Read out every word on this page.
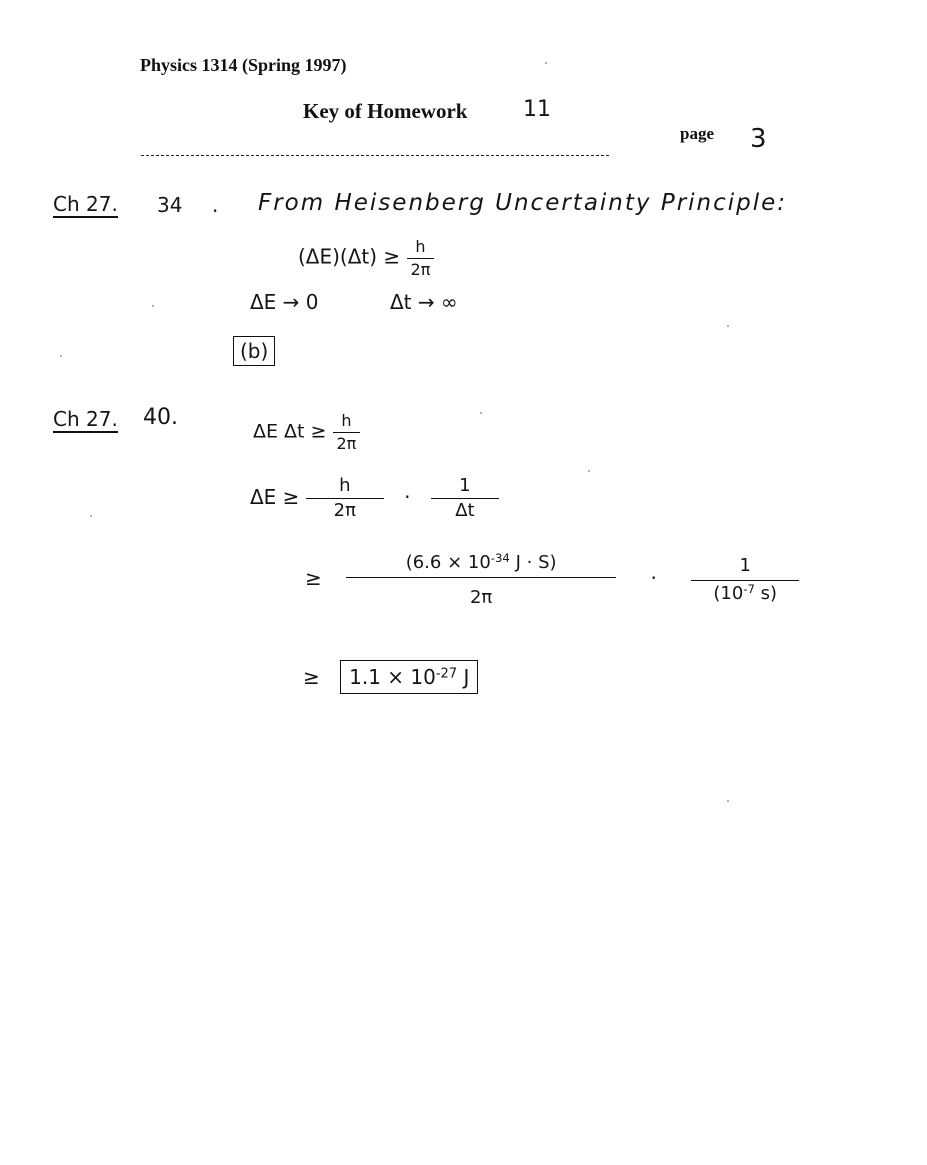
Physics 1314 (Spring 1997)
Key of Homework	11
page 3
Ch 27. 34 . From Heisenberg Uncertainty Principle:
$(\Delta E)(\Delta t) \ge \frac{h}{2\pi}$
ΔE → 0	Δt → ∞
(b)
Ch 27. 40.
ΔE $\Delta t \ge \frac{h}{2\pi}$
$\Delta E \ge \frac{h}{2\pi} \cdot \frac{1}{\Delta t}$
≥ $\frac{(6.6 \times 10^{-34} J \cdot S)}{2\pi} \cdot \frac{1}{(10^{-7} s)}$
≥ $1.1 \times 10^{-27}$ J
